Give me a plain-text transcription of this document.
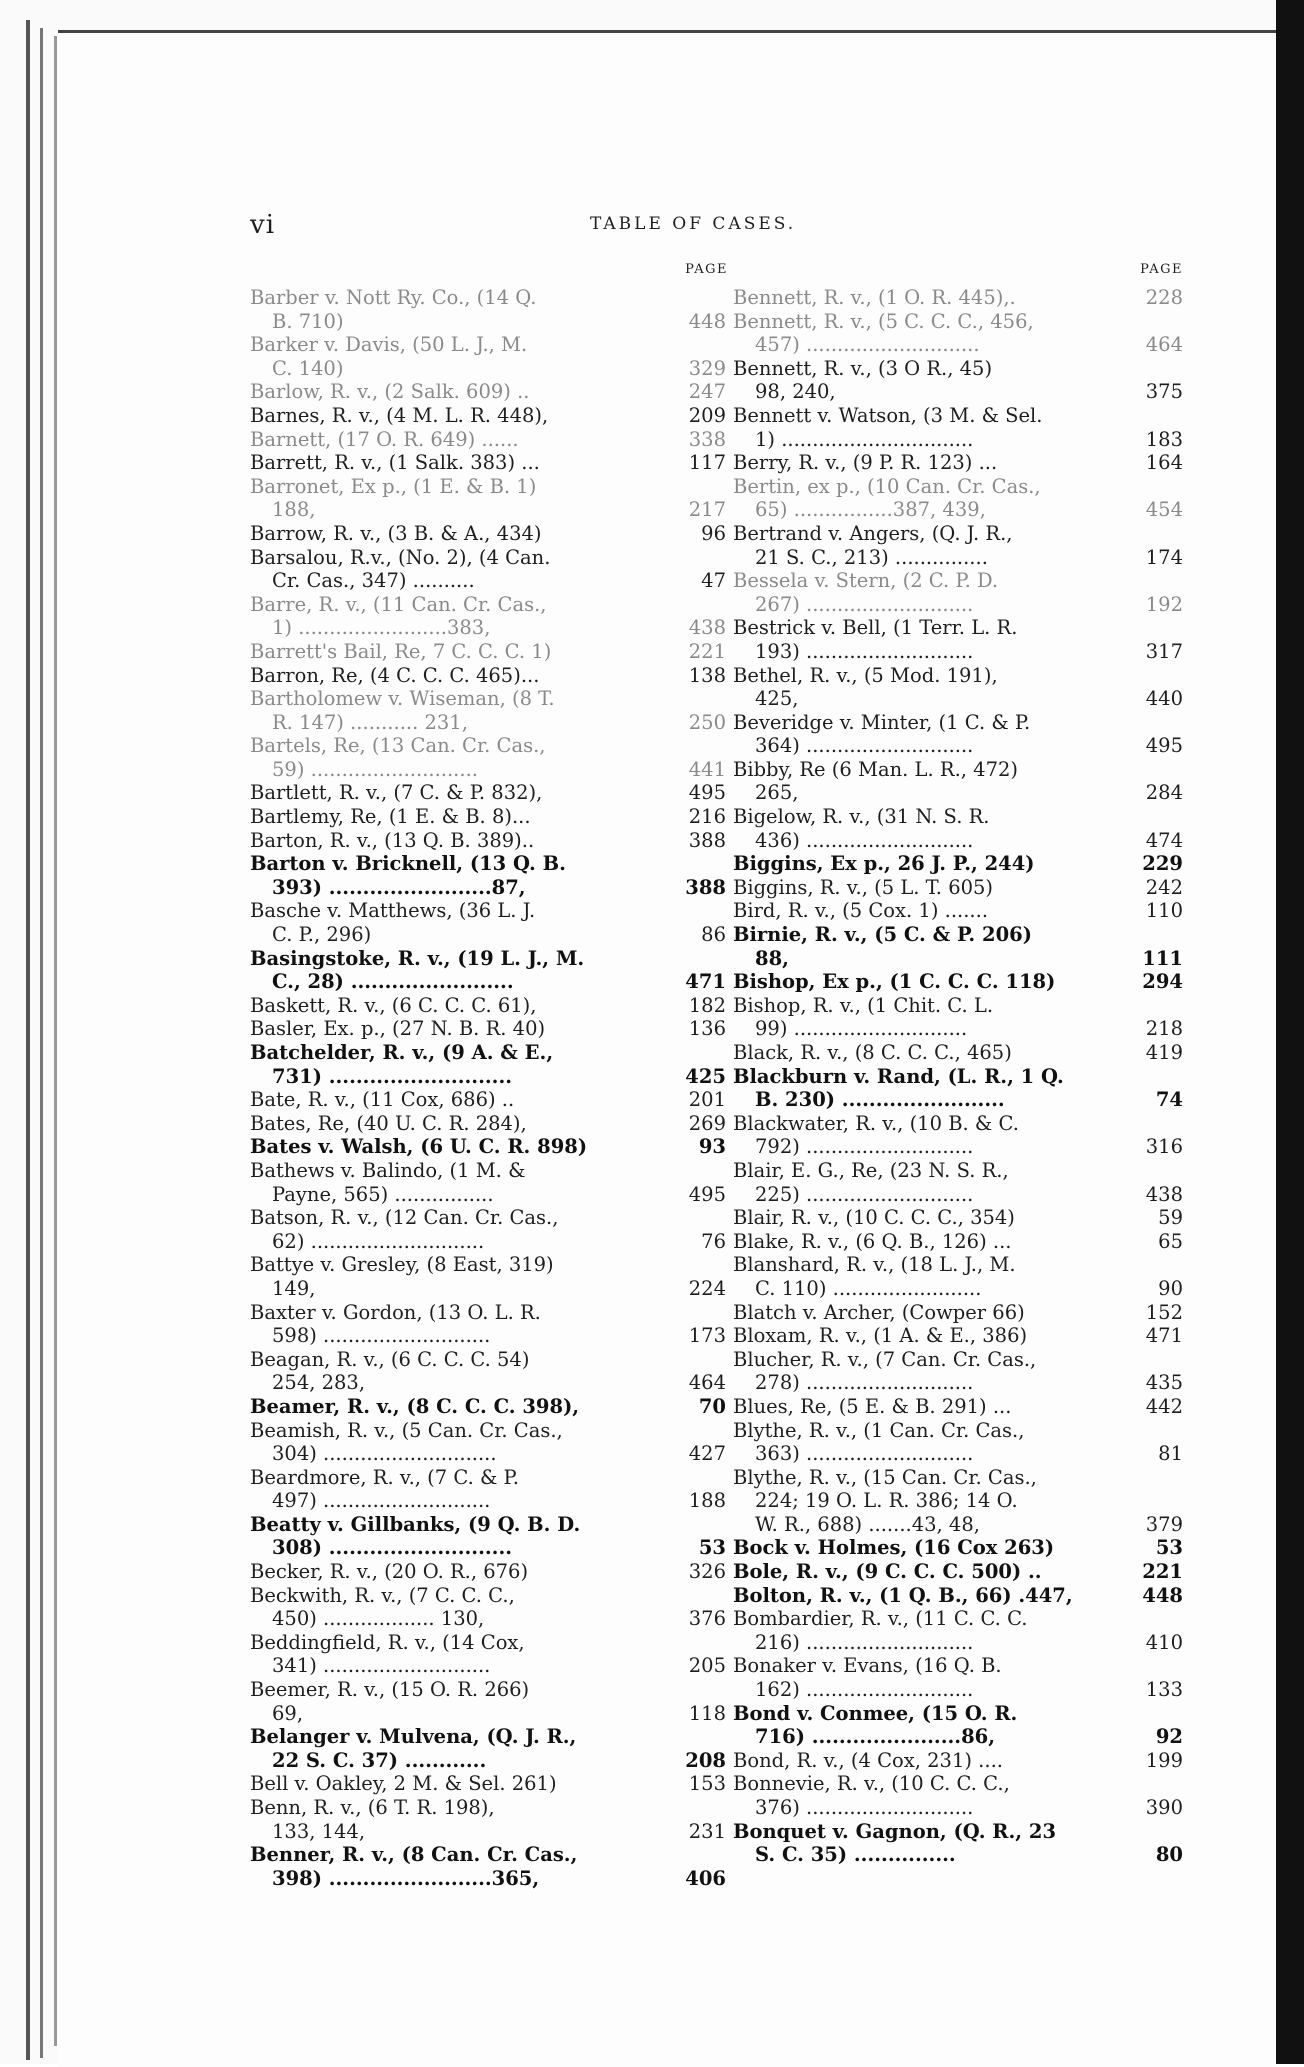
vi	TABLE OF CASES.
PAGE
Barber v. Nott Ry. Co., (14 Q.
B. 710)	448
Barker v. Davis, (50 L. J., M.
C. 140)	329
Barlow, R. v., (2 Salk. 609) ..	247
Barnes, R. v., (4 M. L. R. 448),	209
Barnett, (17 O. R. 649) ......	338
Barrett, R. v., (1 Salk. 383) ...	117
Barronet, Ex p., (1 E. & B. 1)
188,	217
Barrow, R. v., (3 B. & A., 434)	96
Barsalou, R.v., (No. 2), (4 Can.
Cr. Cas., 347) ..........	47
Barre, R. v., (11 Can. Cr. Cas.,
1) ........................383,	438
Barrett's Bail, Re, 7 C. C. C. 1)	221
Barron, Re, (4 C. C. C. 465)...	138
Bartholomew v. Wiseman, (8 T.
R. 147) ........... 231,	250
Bartels, Re, (13 Can. Cr. Cas.,
59) ...........................	441
Bartlett, R. v., (7 C. & P. 832),	495
Bartlemy, Re, (1 E. & B. 8)...	216
Barton, R. v., (13 Q. B. 389)..	388
Barton v. Bricknell, (13 Q. B.
393) ........................87,	388
Basche v. Matthews, (36 L. J.
C. P., 296)	86
Basingstoke, R. v., (19 L. J., M.
C., 28) ........................	471
Baskett, R. v., (6 C. C. C. 61),	182
Basler, Ex. p., (27 N. B. R. 40)	136
Batchelder, R. v., (9 A. & E.,
731) ...........................	425
Bate, R. v., (11 Cox, 686) ..	201
Bates, Re, (40 U. C. R. 284),	269
Bates v. Walsh, (6 U. C. R. 898)	93
Bathews v. Balindo, (1 M. &
Payne, 565) ................	495
Batson, R. v., (12 Can. Cr. Cas.,
62) ............................	76
Battye v. Gresley, (8 East, 319)
149,	224
Baxter v. Gordon, (13 O. L. R.
598) ...........................	173
Beagan, R. v., (6 C. C. C. 54)
254, 283,	464
Beamer, R. v., (8 C. C. C. 398),	70
Beamish, R. v., (5 Can. Cr. Cas.,
304) ............................	427
Beardmore, R. v., (7 C. & P.
497) ...........................	188
Beatty v. Gillbanks, (9 Q. B. D.
308) ...........................	53
Becker, R. v., (20 O. R., 676)	326
Beckwith, R. v., (7 C. C. C.,
450) .................. 130,	376
Beddingfield, R. v., (14 Cox,
341) ...........................	205
Beemer, R. v., (15 O. R. 266)
69,	118
Belanger v. Mulvena, (Q. J. R.,
22 S. C. 37) ............	208
Bell v. Oakley, 2 M. & Sel. 261)	153
Benn, R. v., (6 T. R. 198),
133, 144,	231
Benner, R. v., (8 Can. Cr. Cas.,
398) ........................365,	406
PAGE
Bennett, R. v., (1 O. R. 445),.	228
Bennett, R. v., (5 C. C. C., 456,
457) ............................	464
Bennett, R. v., (3 O R., 45)
98, 240,	375
Bennett v. Watson, (3 M. & Sel.
1) ...............................	183
Berry, R. v., (9 P. R. 123) ...	164
Bertin, ex p., (10 Can. Cr. Cas.,
65) ................387, 439,	454
Bertrand v. Angers, (Q. J. R.,
21 S. C., 213) ...............	174
Bessela v. Stern, (2 C. P. D.
267) ...........................	192
Bestrick v. Bell, (1 Terr. L. R.
193) ...........................	317
Bethel, R. v., (5 Mod. 191),
425,	440
Beveridge v. Minter, (1 C. & P.
364) ...........................	495
Bibby, Re (6 Man. L. R., 472)
265,	284
Bigelow, R. v., (31 N. S. R.
436) ...........................	474
Biggins, Ex p., 26 J. P., 244)	229
Biggins, R. v., (5 L. T. 605)	242
Bird, R. v., (5 Cox. 1) .......	110
Birnie, R. v., (5 C. & P. 206)
88,	111
Bishop, Ex p., (1 C. C. C. 118)	294
Bishop, R. v., (1 Chit. C. L.
99) ............................	218
Black, R. v., (8 C. C. C., 465)	419
Blackburn v. Rand, (L. R., 1 Q.
B. 230) ........................	74
Blackwater, R. v., (10 B. & C.
792) ...........................	316
Blair, E. G., Re, (23 N. S. R.,
225) ...........................	438
Blair, R. v., (10 C. C. C., 354)	59
Blake, R. v., (6 Q. B., 126) ...	65
Blanshard, R. v., (18 L. J., M.
C. 110) ........................	90
Blatch v. Archer, (Cowper 66)	152
Bloxam, R. v., (1 A. & E., 386)	471
Blucher, R. v., (7 Can. Cr. Cas.,
278) ...........................	435
Blues, Re, (5 E. & B. 291) ...	442
Blythe, R. v., (1 Can. Cr. Cas.,
363) ...........................	81
Blythe, R. v., (15 Can. Cr. Cas.,
224; 19 O. L. R. 386; 14 O.
W. R., 688) .......43, 48,	379
Bock v. Holmes, (16 Cox 263)	53
Bole, R. v., (9 C. C. C. 500) ..	221
Bolton, R. v., (1 Q. B., 66) .447,	448
Bombardier, R. v., (11 C. C. C.
216) ...........................	410
Bonaker v. Evans, (16 Q. B.
162) ...........................	133
Bond v. Conmee, (15 O. R.
716) ......................86,	92
Bond, R. v., (4 Cox, 231) ....	199
Bonnevie, R. v., (10 C. C. C.,
376) ...........................	390
Bonquet v. Gagnon, (Q. R., 23
S. C. 35) ...............	80
